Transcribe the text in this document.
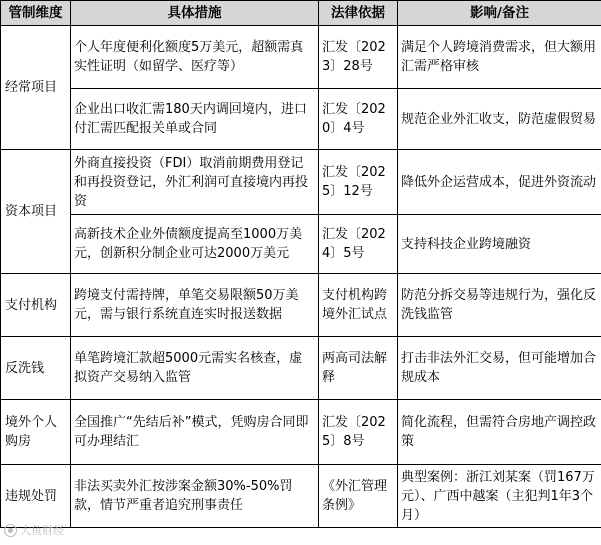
管制维度	具体措施	法律依据	影响/备注

经常项目	个人年度便利化额度5万美元，超额需真实性证明（如留学、医疗等）	汇发〔2023〕28号	满足个人跨境消费需求，但大额用汇需严格审核

	企业出口收汇需180天内调回境内，进口付汇需匹配报关单或合同	汇发〔2020〕4号	规范企业外汇收支，防范虚假贸易

资本项目	外商直接投资（FDI）取消前期费用登记和再投资登记，外汇利润可直接境内再投资	汇发〔2025〕12号	降低外企运营成本，促进外资流动

	高新技术企业外债额度提高至1000万美元，创新积分制企业可达2000万美元	汇发〔2024〕5号	支持科技企业跨境融资

支付机构	跨境支付需持牌，单笔交易限额50万美元，需与银行系统直连实时报送数据	支付机构跨境外汇试点	防范分拆交易等违规行为，强化反洗钱监管

反洗钱	单笔跨境汇款超5000元需实名核查，虚拟资产交易纳入监管	两高司法解释	打击非法外汇交易，但可能增加合规成本

境外个人购房	全国推广“先结后补”模式，凭购房合同即可办理结汇	汇发〔2025〕8号	简化流程，但需符合房地产调控政策

违规处罚	非法买卖外汇按涉案金额30%-50%罚款，情节严重者追究刑事责任	《外汇管理条例》	典型案例：浙江刘某案（罚167万元）、广西中越案（主犯判1年3个月）
大鱼财经
